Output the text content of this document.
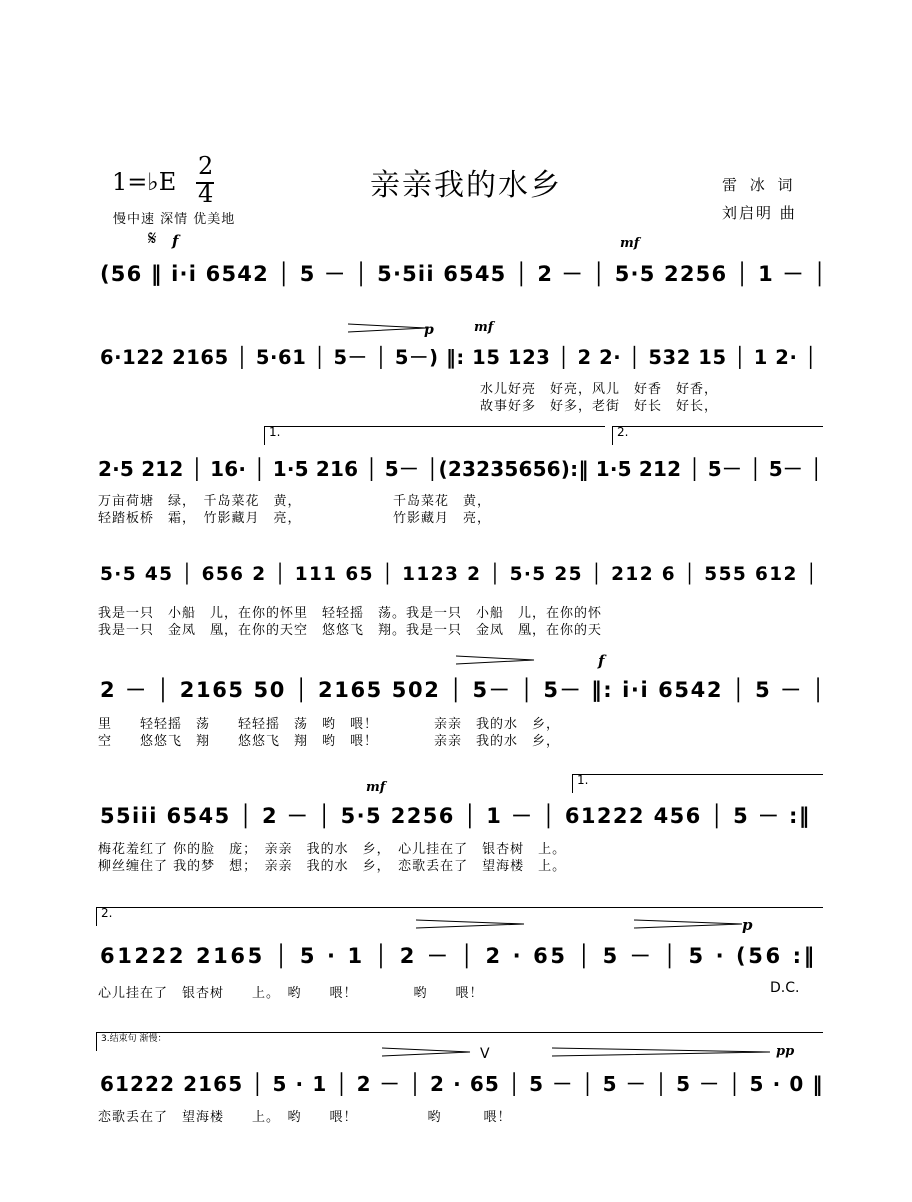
1=♭E
2
4	亲亲我的水乡	雷 冰 词
刘启明 曲
慢中速 深情 优美地
𝄋 f	mf
(56 ‖ i·i 6542 │ 5 － │ 5·5ii 6545 │ 2 － │ 5·5 2256 │ 1 － │
p	mf
6·122 2165 │ 5·61 │ 5－ │ 5－) ‖: 15 123 │ 2 2· │ 532 15 │ 1 2· │
水儿好亮　好亮，风儿　好香　好香，
故事好多　好多，老街　好长　好长，
1.	2.
2·5 212 │ 16· │ 1·5 216 │ 5－ │(23235656):‖ 1·5 212 │ 5－ │ 5－ │
万亩荷塘　绿，　千岛菜花　黄，　　　　　　　千岛菜花　黄，
轻踏板桥　霜，　竹影藏月　亮，　　　　　　　竹影藏月　亮，
5·5 45 │ 656 2 │ 111 65 │ 1123 2 │ 5·5 25 │ 212 6 │ 555 612 │
我是一只　小船　儿，在你的怀里　轻轻摇　荡。我是一只　小船　儿，在你的怀
我是一只　金凤　凰，在你的天空　悠悠飞　翔。我是一只　金凤　凰，在你的天
f
2 － │ 2165 50 │ 2165 502 │ 5－ │ 5－ ‖: i·i 6542 │ 5 － │
里　　轻轻摇　荡　　轻轻摇　荡　哟　喂！　　　　亲亲　我的水　乡，
空　　悠悠飞　翔　　悠悠飞　翔　哟　喂！　　　　亲亲　我的水　乡，
mf	1.
55iii 6545 │ 2 － │ 5·5 2256 │ 1 － │ 61222 456 │ 5 － :‖
梅花羞红了 你的脸　庞；　亲亲　我的水　乡，　心儿挂在了　银杏树　上。
柳丝缠住了 我的梦　想；　亲亲　我的水　乡，　恋歌丢在了　望海楼　上。
2.
p
61222 2165 │ 5 · 1 │ 2 － │ 2 · 65 │ 5 － │ 5 · (56 :‖
心儿挂在了　银杏树　　上。　哟　　喂！　　　　哟　　喂！	D.C.
3.结束句 渐慢：
pp
V
61222 2165 │ 5 · 1 │ 2 － │ 2 · 65 │ 5 － │ 5 － │ 5 － │ 5 · 0 ‖
恋歌丢在了　望海楼　　上。　哟　　喂！　　　　　哟　　　喂！
